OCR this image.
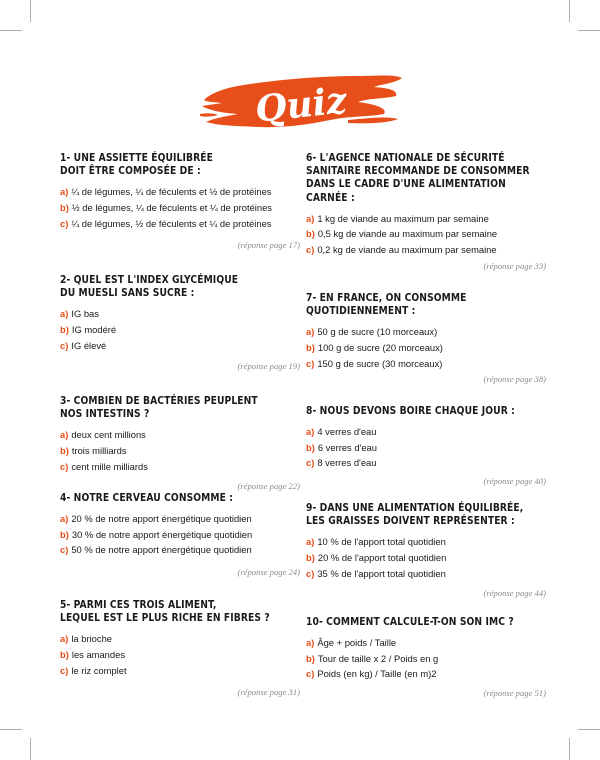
Quiz
1- UNE ASSIETTE ÉQUILIBRÉE
DOIT ÊTRE COMPOSÉE DE :
a) ¼ de légumes, ¼ de féculents et ½ de protéines
b) ½ de légumes, ¼ de féculents et ¼ de protéines
c) ¼ de légumes, ½ de féculents et ¼ de protéines
(réponse page 17)
2- QUEL EST L'INDEX GLYCÉMIQUE
DU MUESLI SANS SUCRE :
a) IG bas
b) IG modéré
c) IG élevé
(réponse page 19)
3- COMBIEN DE BACTÉRIES PEUPLENT
NOS INTESTINS ?
a) deux cent millions
b) trois milliards
c) cent mille milliards
(réponse page 22)
4- NOTRE CERVEAU CONSOMME :
a) 20 % de notre apport énergétique quotidien
b) 30 % de notre apport énergétique quotidien
c) 50 % de notre apport énergétique quotidien
(réponse page 24)
5- PARMI CES TROIS ALIMENT,
LEQUEL EST LE PLUS RICHE EN FIBRES ?
a) la brioche
b) les amandes
c) le riz complet
(réponse page 31)
6- L'AGENCE NATIONALE DE SÉCURITÉ
SANITAIRE RECOMMANDE DE CONSOMMER
DANS LE CADRE D'UNE ALIMENTATION
CARNÉE :
a) 1 kg de viande au maximum par semaine
b) 0,5 kg de viande au maximum par semaine
c) 0,2 kg de viande au maximum par semaine
(réponse page 33)
7- EN FRANCE, ON CONSOMME
QUOTIDIENNEMENT :
a) 50 g de sucre (10 morceaux)
b) 100 g de sucre (20 morceaux)
c) 150 g de sucre (30 morceaux)
(réponse page 38)
8- NOUS DEVONS BOIRE CHAQUE JOUR :
a) 4 verres d'eau
b) 6 verres d'eau
c) 8 verres d'eau
(réponse page 40)
9- DANS UNE ALIMENTATION ÉQUILIBRÉE,
LES GRAISSES DOIVENT REPRÉSENTER :
a) 10 % de l'apport total quotidien
b) 20 % de l'apport total quotidien
c) 35 % de l'apport total quotidien
(réponse page 44)
10- COMMENT CALCULE-T-ON SON IMC ?
a) Âge + poids / Taille
b) Tour de taille x 2 / Poids en g
c) Poids (en kg) / Taille (en m)2
(réponse page 51)
